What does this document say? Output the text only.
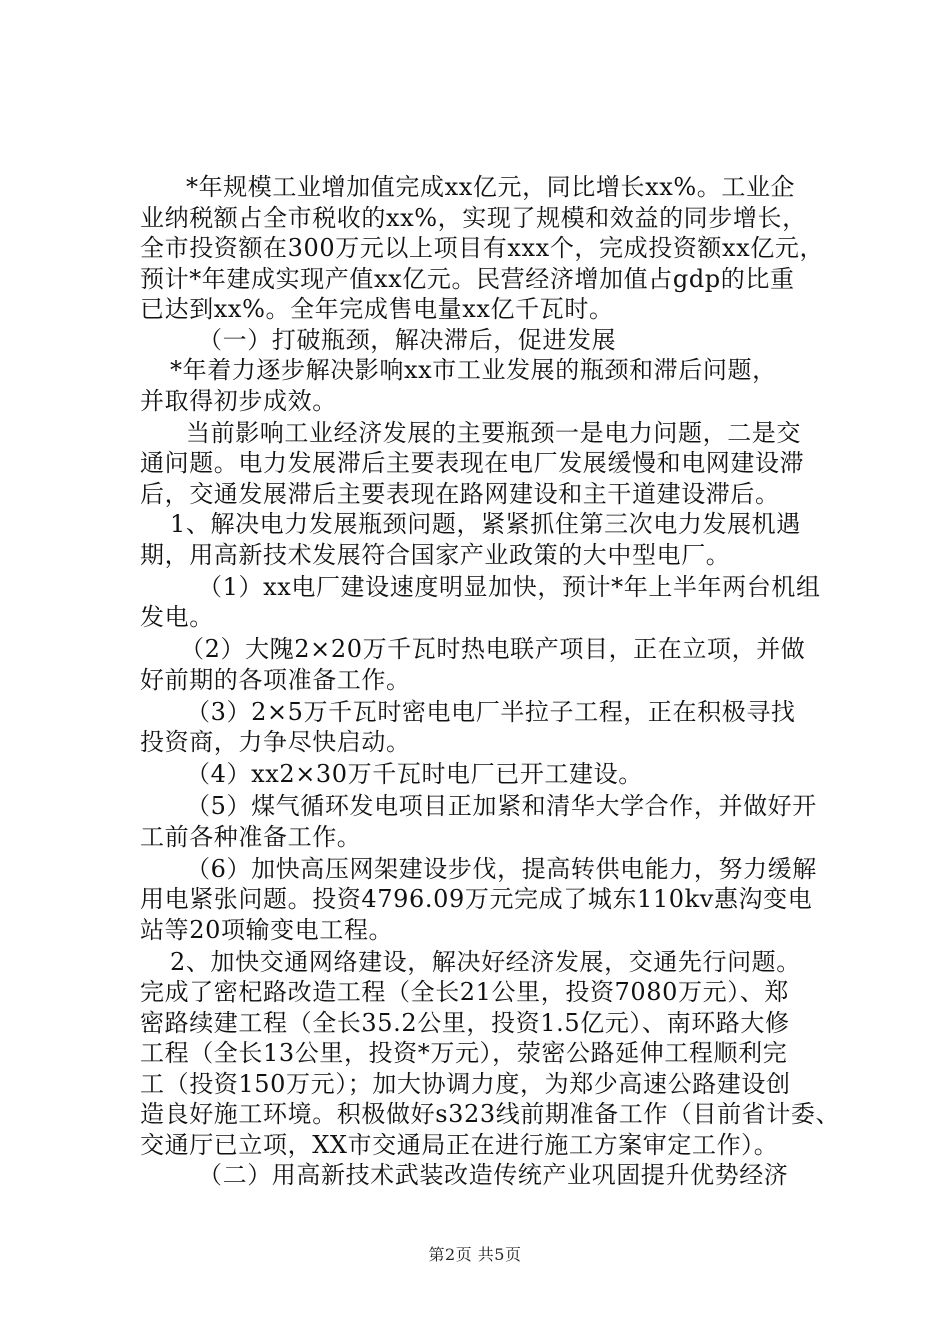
*年规模工业增加值完成xx亿元，同比增长xx%。工业企
业纳税额占全市税收的xx%，实现了规模和效益的同步增长，
全市投资额在300万元以上项目有xxx个，完成投资额xx亿元，
预计*年建成实现产值xx亿元。民营经济增加值占gdp的比重
已达到xx%。全年完成售电量xx亿千瓦时。
（一）打破瓶颈，解决滞后，促进发展
*年着力逐步解决影响xx市工业发展的瓶颈和滞后问题，
并取得初步成效。
当前影响工业经济发展的主要瓶颈一是电力问题，二是交
通问题。电力发展滞后主要表现在电厂发展缓慢和电网建设滞
后，交通发展滞后主要表现在路网建设和主干道建设滞后。
1、解决电力发展瓶颈问题，紧紧抓住第三次电力发展机遇
期，用高新技术发展符合国家产业政策的大中型电厂。
（1）xx电厂建设速度明显加快，预计*年上半年两台机组
发电。
（2）大隗2×20万千瓦时热电联产项目，正在立项，并做
好前期的各项准备工作。
（3）2×5万千瓦时密电电厂半拉子工程，正在积极寻找
投资商，力争尽快启动。
（4）xx2×30万千瓦时电厂已开工建设。
（5）煤气循环发电项目正加紧和清华大学合作，并做好开
工前各种准备工作。
（6）加快高压网架建设步伐，提高转供电能力，努力缓解
用电紧张问题。投资4796.09万元完成了城东110kv惠沟变电
站等20项输变电工程。
2、加快交通网络建设，解决好经济发展，交通先行问题。
完成了密杞路改造工程（全长21公里，投资7080万元）、郑
密路续建工程（全长35.2公里，投资1.5亿元）、南环路大修
工程（全长13公里，投资*万元），荥密公路延伸工程顺利完
工（投资150万元）；加大协调力度，为郑少高速公路建设创
造良好施工环境。积极做好s323线前期准备工作（目前省计委、
交通厅已立项，XX市交通局正在进行施工方案审定工作）。
（二）用高新技术武装改造传统产业巩固提升优势经济
第2页 共5页
